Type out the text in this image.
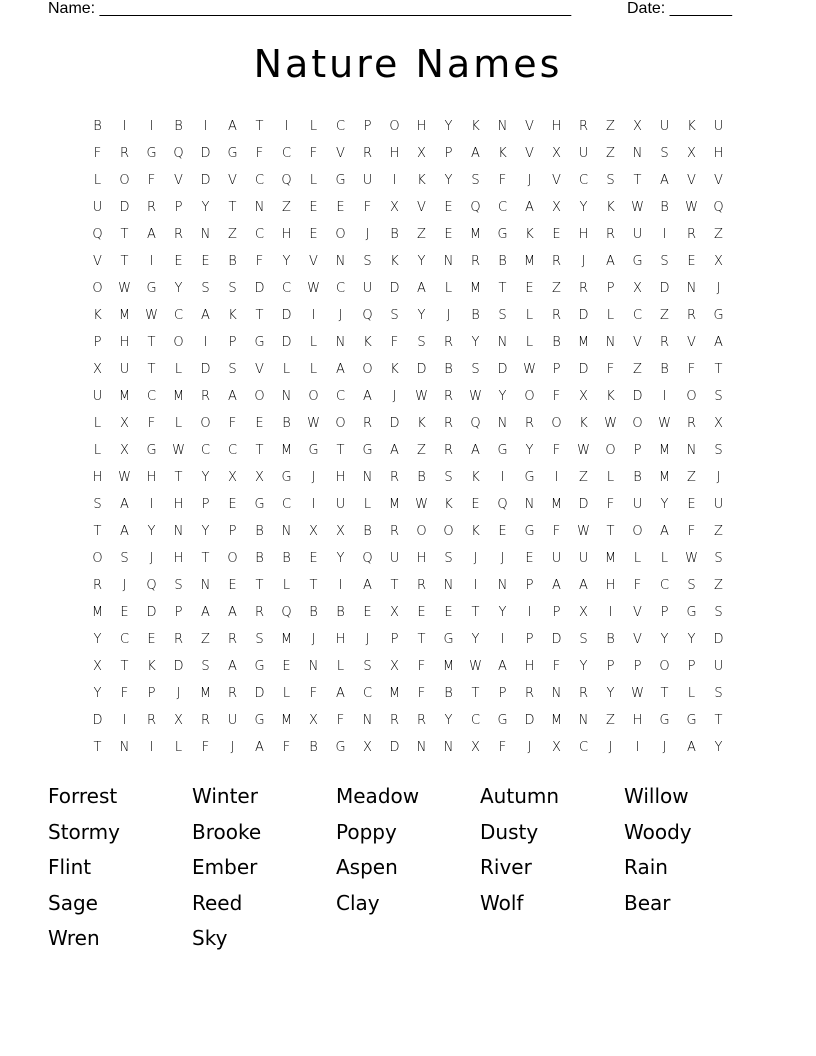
Name: _____________________________________________________	Date: _______
Nature Names
B	I	I	B	I	A	T	I	L	C	P	O	H	Y	K	N	V	H	R	Z	X	U	K	U
F	R	G	Q	D	G	F	C	F	V	R	H	X	P	A	K	V	X	U	Z	N	S	X	H
L	O	F	V	D	V	C	Q	L	G	U	I	K	Y	S	F	J	V	C	S	T	A	V	V
U	D	R	P	Y	T	N	Z	E	E	F	X	V	E	Q	C	A	X	Y	K	W	B	W	Q
Q	T	A	R	N	Z	C	H	E	O	J	B	Z	E	M	G	K	E	H	R	U	I	R	Z
V	T	I	E	E	B	F	Y	V	N	S	K	Y	N	R	B	M	R	J	A	G	S	E	X
O	W	G	Y	S	S	D	C	W	C	U	D	A	L	M	T	E	Z	R	P	X	D	N	J
K	M	W	C	A	K	T	D	I	J	Q	S	Y	J	B	S	L	R	D	L	C	Z	R	G
P	H	T	O	I	P	G	D	L	N	K	F	S	R	Y	N	L	B	M	N	V	R	V	A
X	U	T	L	D	S	V	L	L	A	O	K	D	B	S	D	W	P	D	F	Z	B	F	T
U	M	C	M	R	A	O	N	O	C	A	J	W	R	W	Y	O	F	X	K	D	I	O	S
L	X	F	L	O	F	E	B	W	O	R	D	K	R	Q	N	R	O	K	W	O	W	R	X
L	X	G	W	C	C	T	M	G	T	G	A	Z	R	A	G	Y	F	W	O	P	M	N	S
H	W	H	T	Y	X	X	G	J	H	N	R	B	S	K	I	G	I	Z	L	B	M	Z	J
S	A	I	H	P	E	G	C	I	U	L	M	W	K	E	Q	N	M	D	F	U	Y	E	U
T	A	Y	N	Y	P	B	N	X	X	B	R	O	O	K	E	G	F	W	T	O	A	F	Z
O	S	J	H	T	O	B	B	E	Y	Q	U	H	S	J	J	E	U	U	M	L	L	W	S
R	J	Q	S	N	E	T	L	T	I	A	T	R	N	I	N	P	A	A	H	F	C	S	Z
M	E	D	P	A	A	R	Q	B	B	E	X	E	E	T	Y	I	P	X	I	V	P	G	S
Y	C	E	R	Z	R	S	M	J	H	J	P	T	G	Y	I	P	D	S	B	V	Y	Y	D
X	T	K	D	S	A	G	E	N	L	S	X	F	M	W	A	H	F	Y	P	P	O	P	U
Y	F	P	J	M	R	D	L	F	A	C	M	F	B	T	P	R	N	R	Y	W	T	L	S
D	I	R	X	R	U	G	M	X	F	N	R	R	Y	C	G	D	M	N	Z	H	G	G	T
T	N	I	L	F	J	A	F	B	G	X	D	N	N	X	F	J	X	C	J	I	J	A	Y
Forrest	Winter	Meadow	Autumn	Willow
Stormy	Brooke	Poppy	Dusty	Woody
Flint	Ember	Aspen	River	Rain
Sage	Reed	Clay	Wolf	Bear
Wren	Sky
